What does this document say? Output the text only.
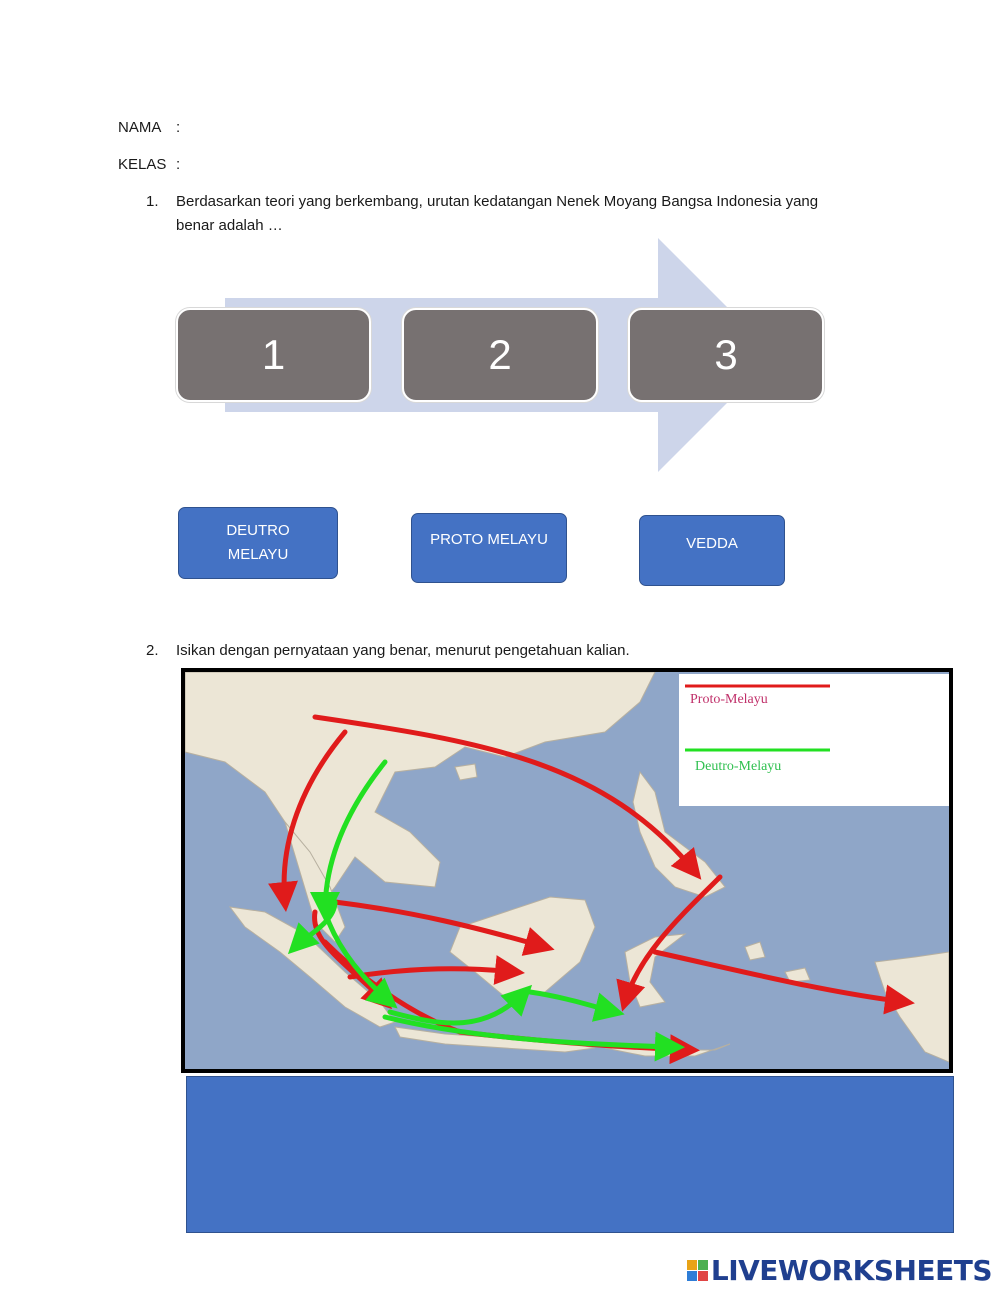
NAMA :
KELAS :
1. Berdasarkan teori yang berkembang, urutan kedatangan Nenek Moyang Bangsa Indonesia yang
benar adalah …
1	2	3
DEUTRO
MELAYU
PROTO MELAYU	VEDDA
2. Isikan dengan pernyataan yang benar, menurut pengetahuan kalian.
Proto-Melayu
Deutro-Melayu
LIVEWORKSHEETS
